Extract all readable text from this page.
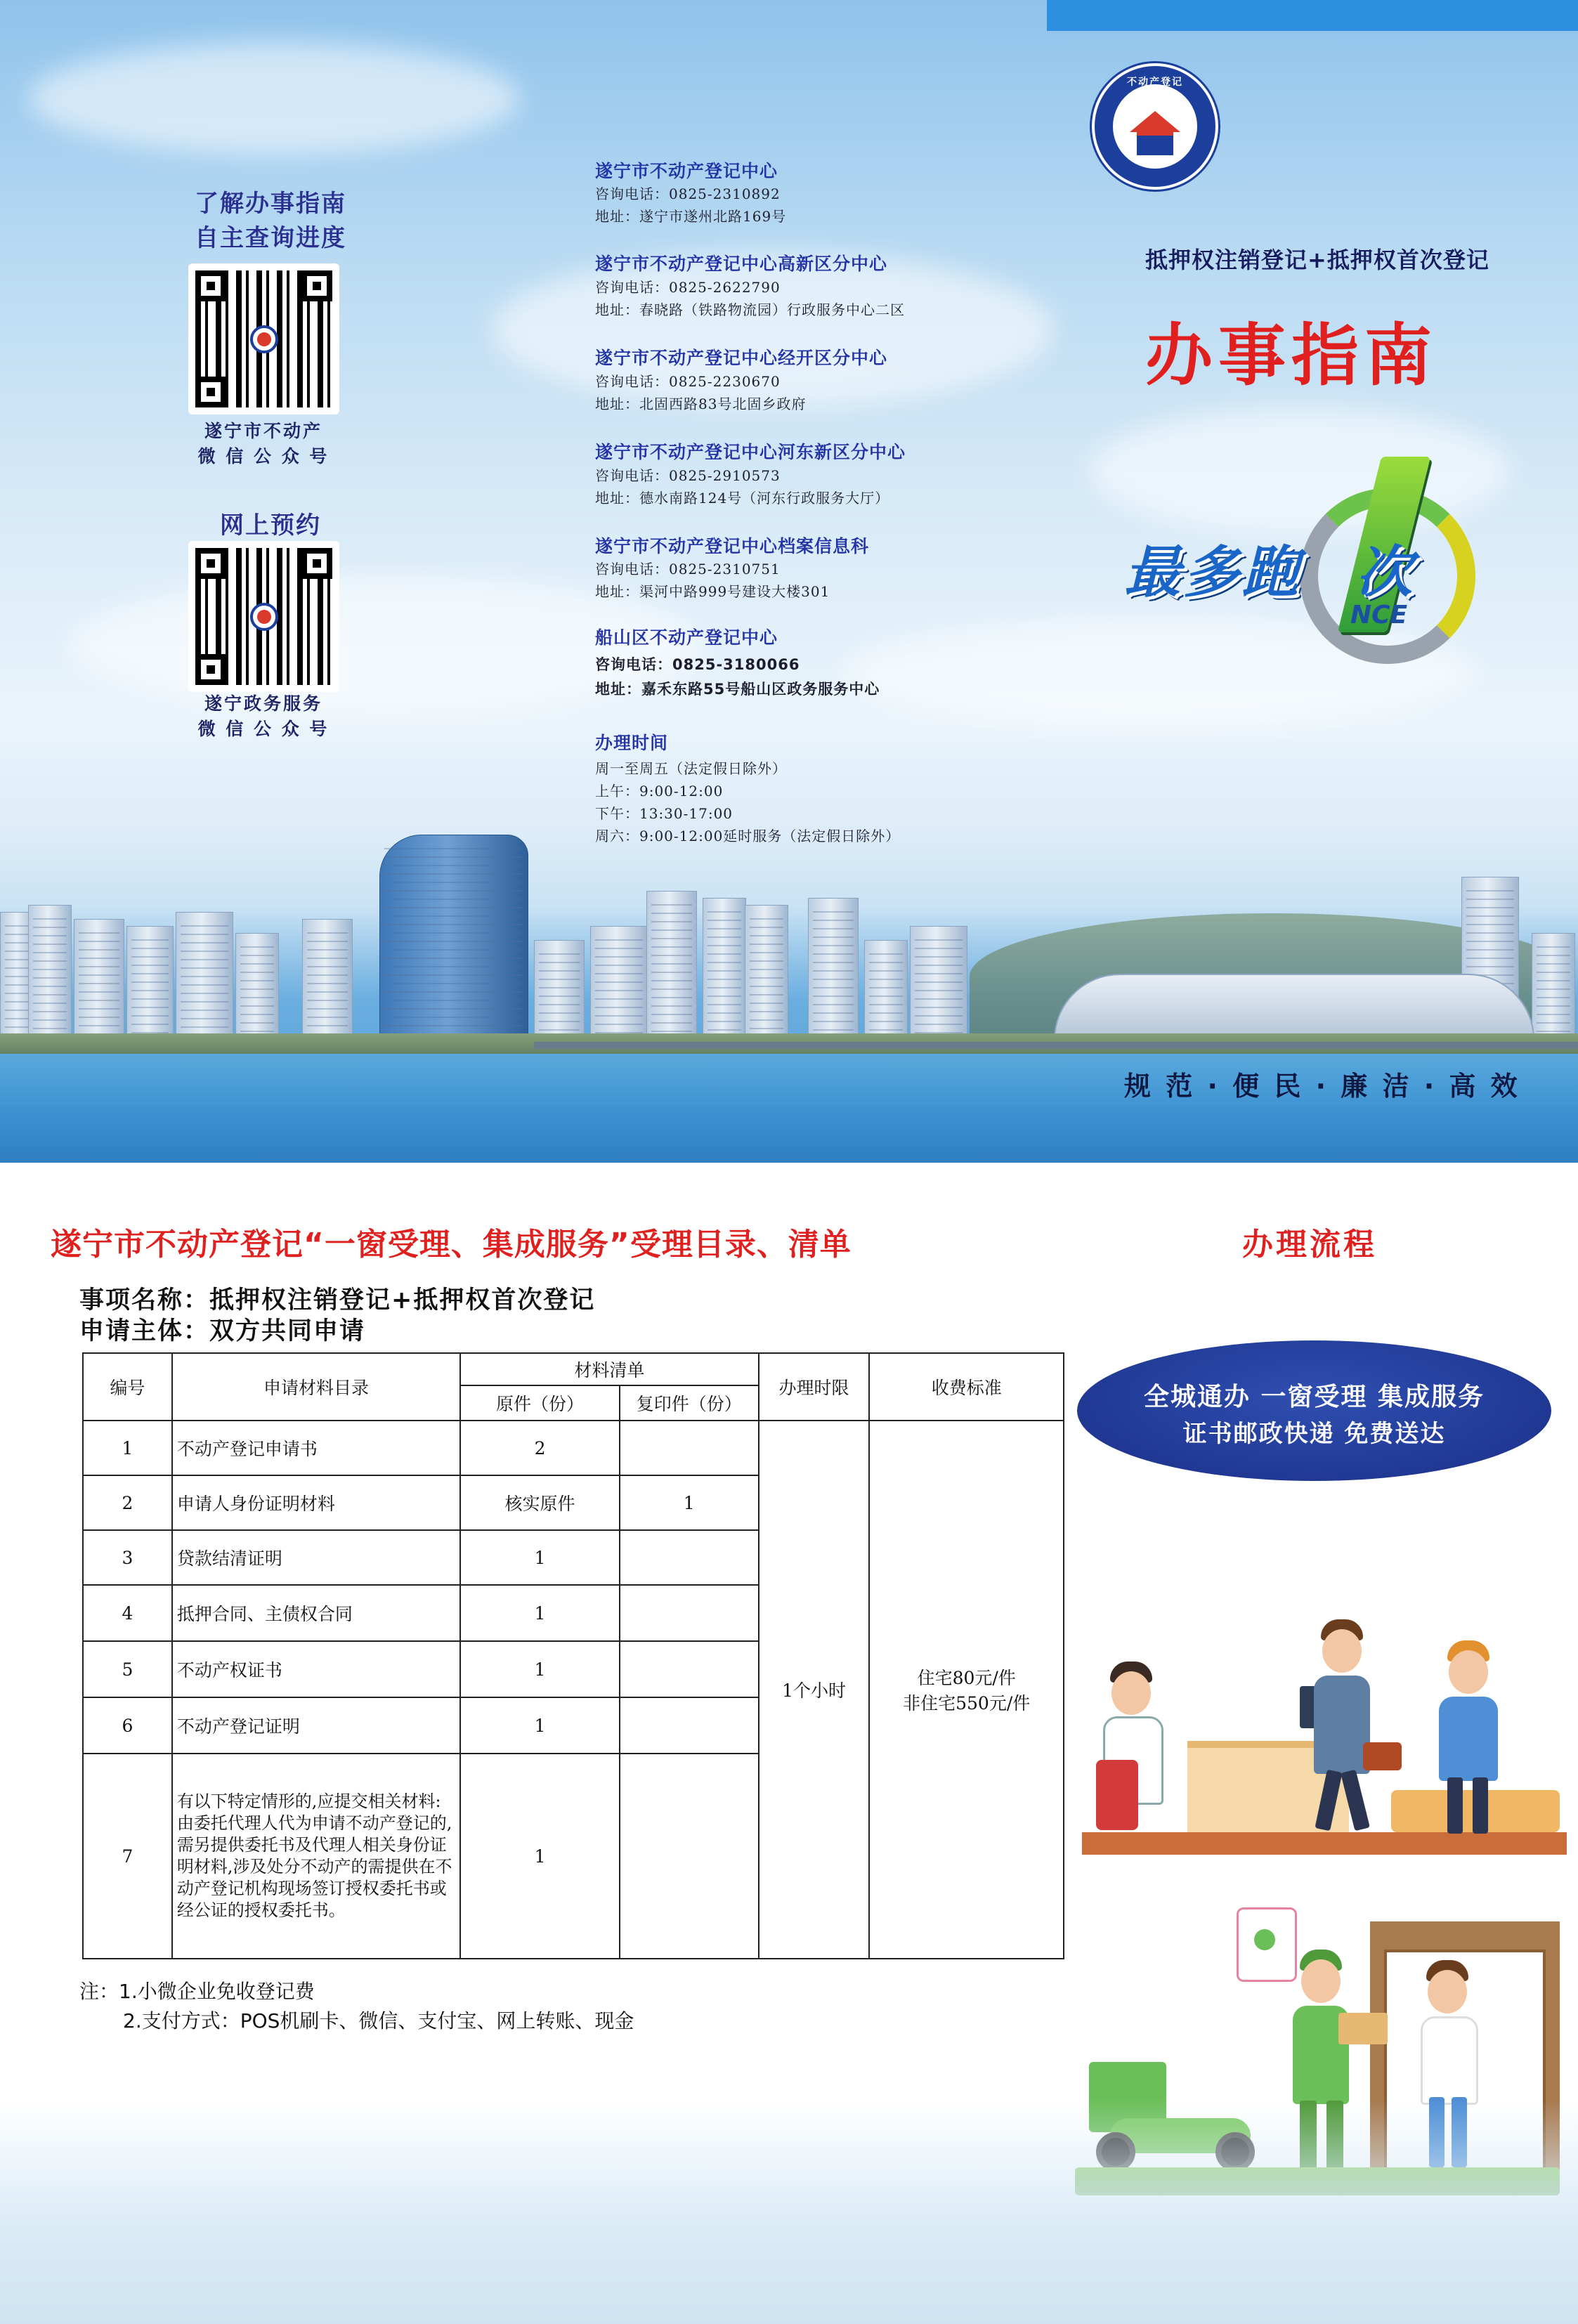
了解办事指南
自主查询进度
遂宁市不动产
微 信 公 众 号
网上预约
遂宁政务服务
微 信 公 众 号
遂宁市不动产登记中心
咨询电话：0825-2310892
地址：遂宁市遂州北路169号
遂宁市不动产登记中心高新区分中心
咨询电话：0825-2622790
地址：春晓路（铁路物流园）行政服务中心二区
遂宁市不动产登记中心经开区分中心
咨询电话：0825-2230670
地址：北固西路83号北固乡政府
遂宁市不动产登记中心河东新区分中心
咨询电话：0825-2910573
地址：德水南路124号（河东行政服务大厅）
遂宁市不动产登记中心档案信息科
咨询电话：0825-2310751
地址：渠河中路999号建设大楼301
船山区不动产登记中心
咨询电话：0825-3180066
地址：嘉禾东路55号船山区政务服务中心
办理时间
周一至周五（法定假日除外）
上午：9:00-12:00
下午：13:30-17:00
周六：9:00-12:00延时服务（法定假日除外）
不动产登记
抵押权注销登记+抵押权首次登记
办事指南
最多跑 次
NCE
规 范 · 便 民 · 廉 洁 · 高 效
遂宁市不动产登记“一窗受理、集成服务”受理目录、清单	办理流程
事项名称：抵押权注销登记+抵押权首次登记
申请主体：双方共同申请
编号	申请材料目录	材料清单		办理时限	收费标准
		原件（份）	复印件（份）		
1	不动产登记申请书	2		1个小时	住宅80元/件
非住宅550元/件

2	申请人身份证明材料	核实原件	1		
3	贷款结清证明	1			
4	抵押合同、主债权合同	1			
5	不动产权证书	1			
6	不动产登记证明	1			
7	有以下特定情形的,应提交相关材料:由委托代理人代为申请不动产登记的,需另提供委托书及代理人相关身份证明材料,涉及处分不动产的需提供在不动产登记机构现场签订授权委托书或经公证的授权委托书。	1			
注：1.小微企业免收登记费
2.支付方式：POS机刷卡、微信、支付宝、网上转账、现金
全城通办 一窗受理 集成服务
证书邮政快递 免费送达
